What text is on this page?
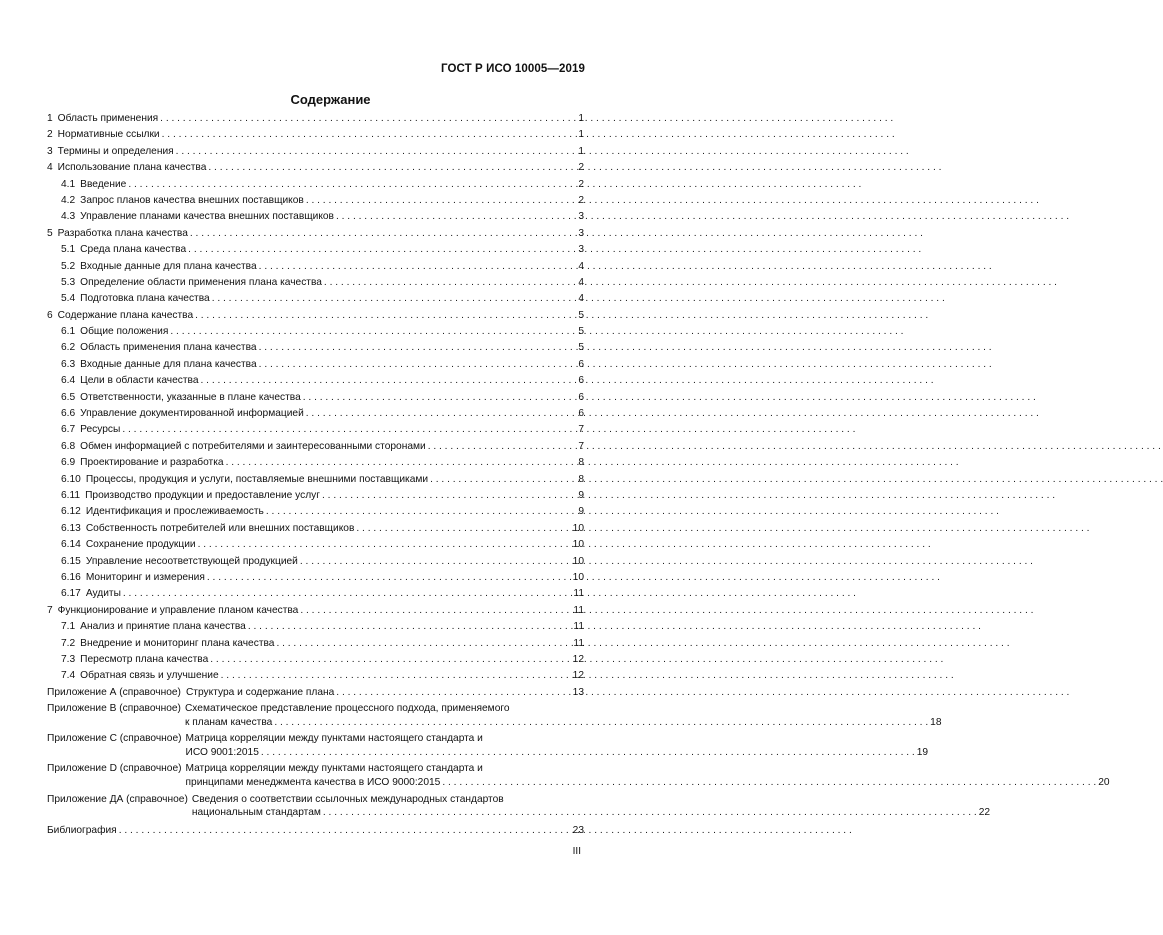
ГОСТ Р ИСО 10005—2019
Содержание
1 Область применения . . .	1
2 Нормативные ссылки . . .	1
3 Термины и определения . . .	1
4 Использование плана качества . . .	2
4.1 Введение . . .	2
4.2 Запрос планов качества внешних поставщиков . . .	2
4.3 Управление планами качества внешних поставщиков . . .	3
5 Разработка плана качества . . .	3
5.1 Среда плана качества . . .	3
5.2 Входные данные для плана качества . . .	4
5.3 Определение области применения плана качества . . .	4
5.4 Подготовка плана качества . . .	4
6 Содержание плана качества . . .	5
6.1 Общие положения . . .	5
6.2 Область применения плана качества . . .	5
6.3 Входные данные для плана качества . . .	6
6.4 Цели в области качества . . .	6
6.5 Ответственности, указанные в плане качества . . .	6
6.6 Управление документированной информацией . . .	6
6.7 Ресурсы . . .	7
6.8 Обмен информацией с потребителями и заинтересованными сторонами . . .	7
6.9 Проектирование и разработка . . .	8
6.10 Процессы, продукция и услуги, поставляемые внешними поставщиками . . .	8
6.11 Производство продукции и предоставление услуг . . .	9
6.12 Идентификация и прослеживаемость . . .	9
6.13 Собственность потребителей или внешних поставщиков . . .	10
6.14 Сохранение продукции . . .	10
6.15 Управление несоответствующей продукцией . . .	10
6.16 Мониторинг и измерения . . .	10
6.17 Аудиты . . .	11
7 Функционирование и управление планом качества . . .	11
7.1 Анализ и принятие плана качества . . .	11
7.2 Внедрение и мониторинг плана качества . . .	11
7.3 Пересмотр плана качества . . .	12
7.4 Обратная связь и улучшение . . .	12
Приложение А (справочное) Структура и содержание плана . . .	13
Приложение В (справочное) Схематическое представление процессного подхода, применяемого
к планам качества . . .	18
Приложение С (справочное) Матрица корреляции между пунктами настоящего стандарта и
ИСО 9001:2015 . . .	19
Приложение D (справочное) Матрица корреляции между пунктами настоящего стандарта и
принципами менеджмента качества в ИСО 9000:2015 . . .	20
Приложение ДА (справочное) Сведения о соответствии ссылочных международных стандартов
национальным стандартам . . .	22
Библиография . . .	23
III
